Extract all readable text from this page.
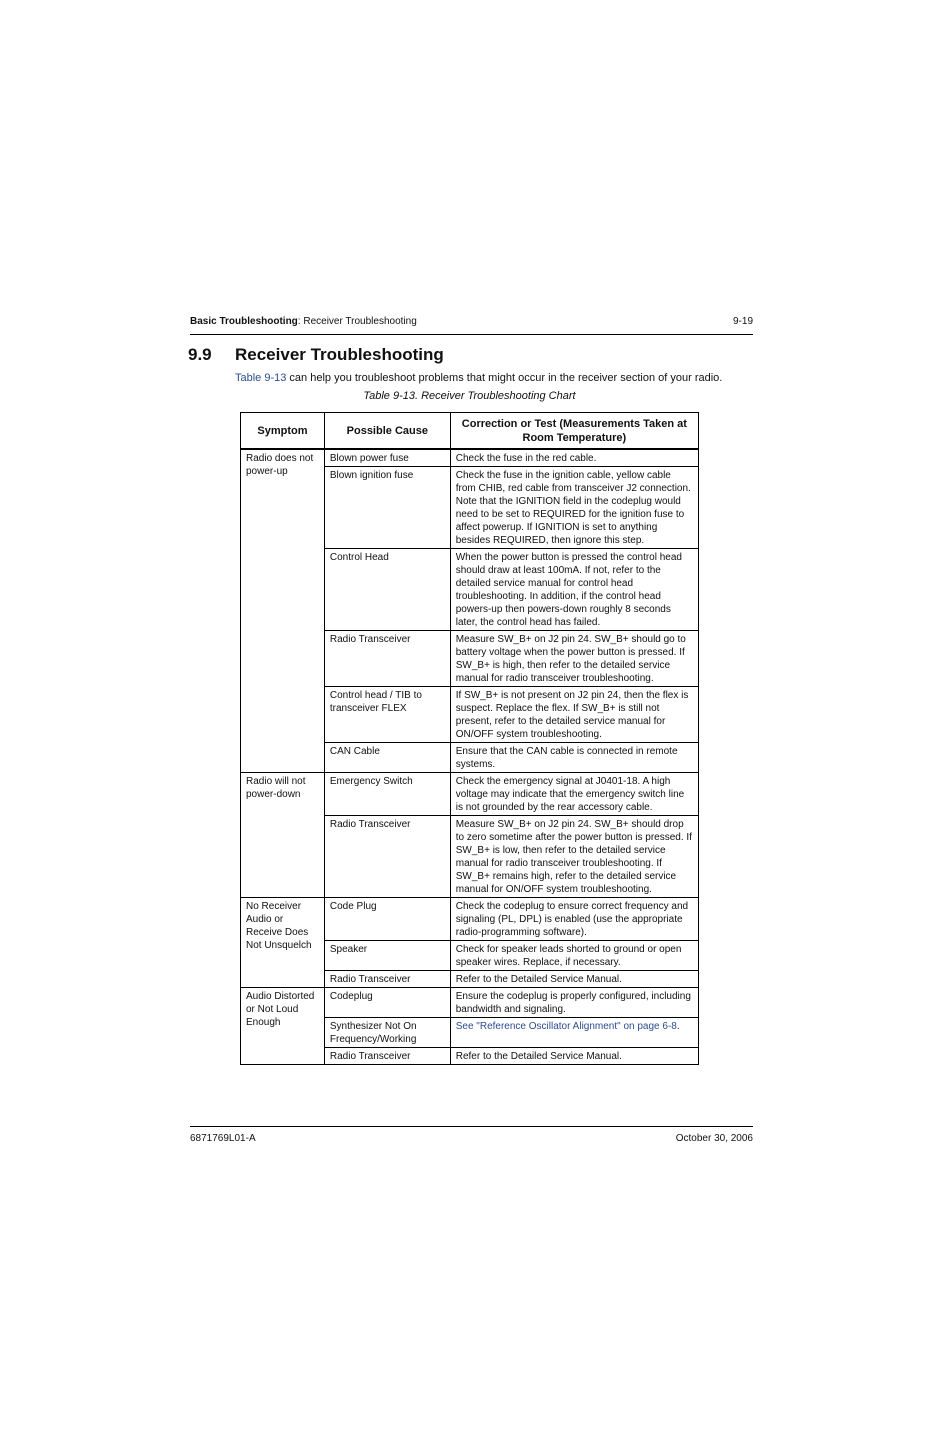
Basic Troubleshooting: Receiver Troubleshooting	9-19
9.9 Receiver Troubleshooting
Table 9-13 can help you troubleshoot problems that might occur in the receiver section of your radio.
Table 9-13. Receiver Troubleshooting Chart
Symptom	Possible Cause	Correction or Test (Measurements Taken at Room Temperature)
Radio does not power-up	Blown power fuse	Check the fuse in the red cable.
	Blown ignition fuse	Check the fuse in the ignition cable, yellow cable from CHIB, red cable from transceiver J2 connection. Note that the IGNITION field in the codeplug would need to be set to REQUIRED for the ignition fuse to affect powerup. If IGNITION is set to anything besides REQUIRED, then ignore this step.
	Control Head	When the power button is pressed the control head should draw at least 100mA. If not, refer to the detailed service manual for control head troubleshooting. In addition, if the control head powers-up then powers-down roughly 8 seconds later, the control head has failed.
	Radio Transceiver	Measure SW_B+ on J2 pin 24. SW_B+ should go to battery voltage when the power button is pressed. If SW_B+ is high, then refer to the detailed service manual for radio transceiver troubleshooting.
	Control head / TIB to transceiver FLEX	If SW_B+ is not present on J2 pin 24, then the flex is suspect. Replace the flex. If SW_B+ is still not present, refer to the detailed service manual for ON/OFF system troubleshooting.
	CAN Cable	Ensure that the CAN cable is connected in remote systems.
Radio will not power-down	Emergency Switch	Check the emergency signal at J0401-18. A high voltage may indicate that the emergency switch line is not grounded by the rear accessory cable.
	Radio Transceiver	Measure SW_B+ on J2 pin 24. SW_B+ should drop to zero sometime after the power button is pressed. If SW_B+ is low, then refer to the detailed service manual for radio transceiver troubleshooting. If SW_B+ remains high, refer to the detailed service manual for ON/OFF system troubleshooting.
No Receiver Audio or Receive Does Not Unsquelch	Code Plug	Check the codeplug to ensure correct frequency and signaling (PL, DPL) is enabled (use the appropriate radio-programming software).
	Speaker	Check for speaker leads shorted to ground or open speaker wires. Replace, if necessary.
	Radio Transceiver	Refer to the Detailed Service Manual.
Audio Distorted or Not Loud Enough	Codeplug	Ensure the codeplug is properly configured, including bandwidth and signaling.
	Synthesizer Not On Frequency/Working	See "Reference Oscillator Alignment" on page 6-8.
	Radio Transceiver	Refer to the Detailed Service Manual.
6871769L01-A	October 30, 2006
